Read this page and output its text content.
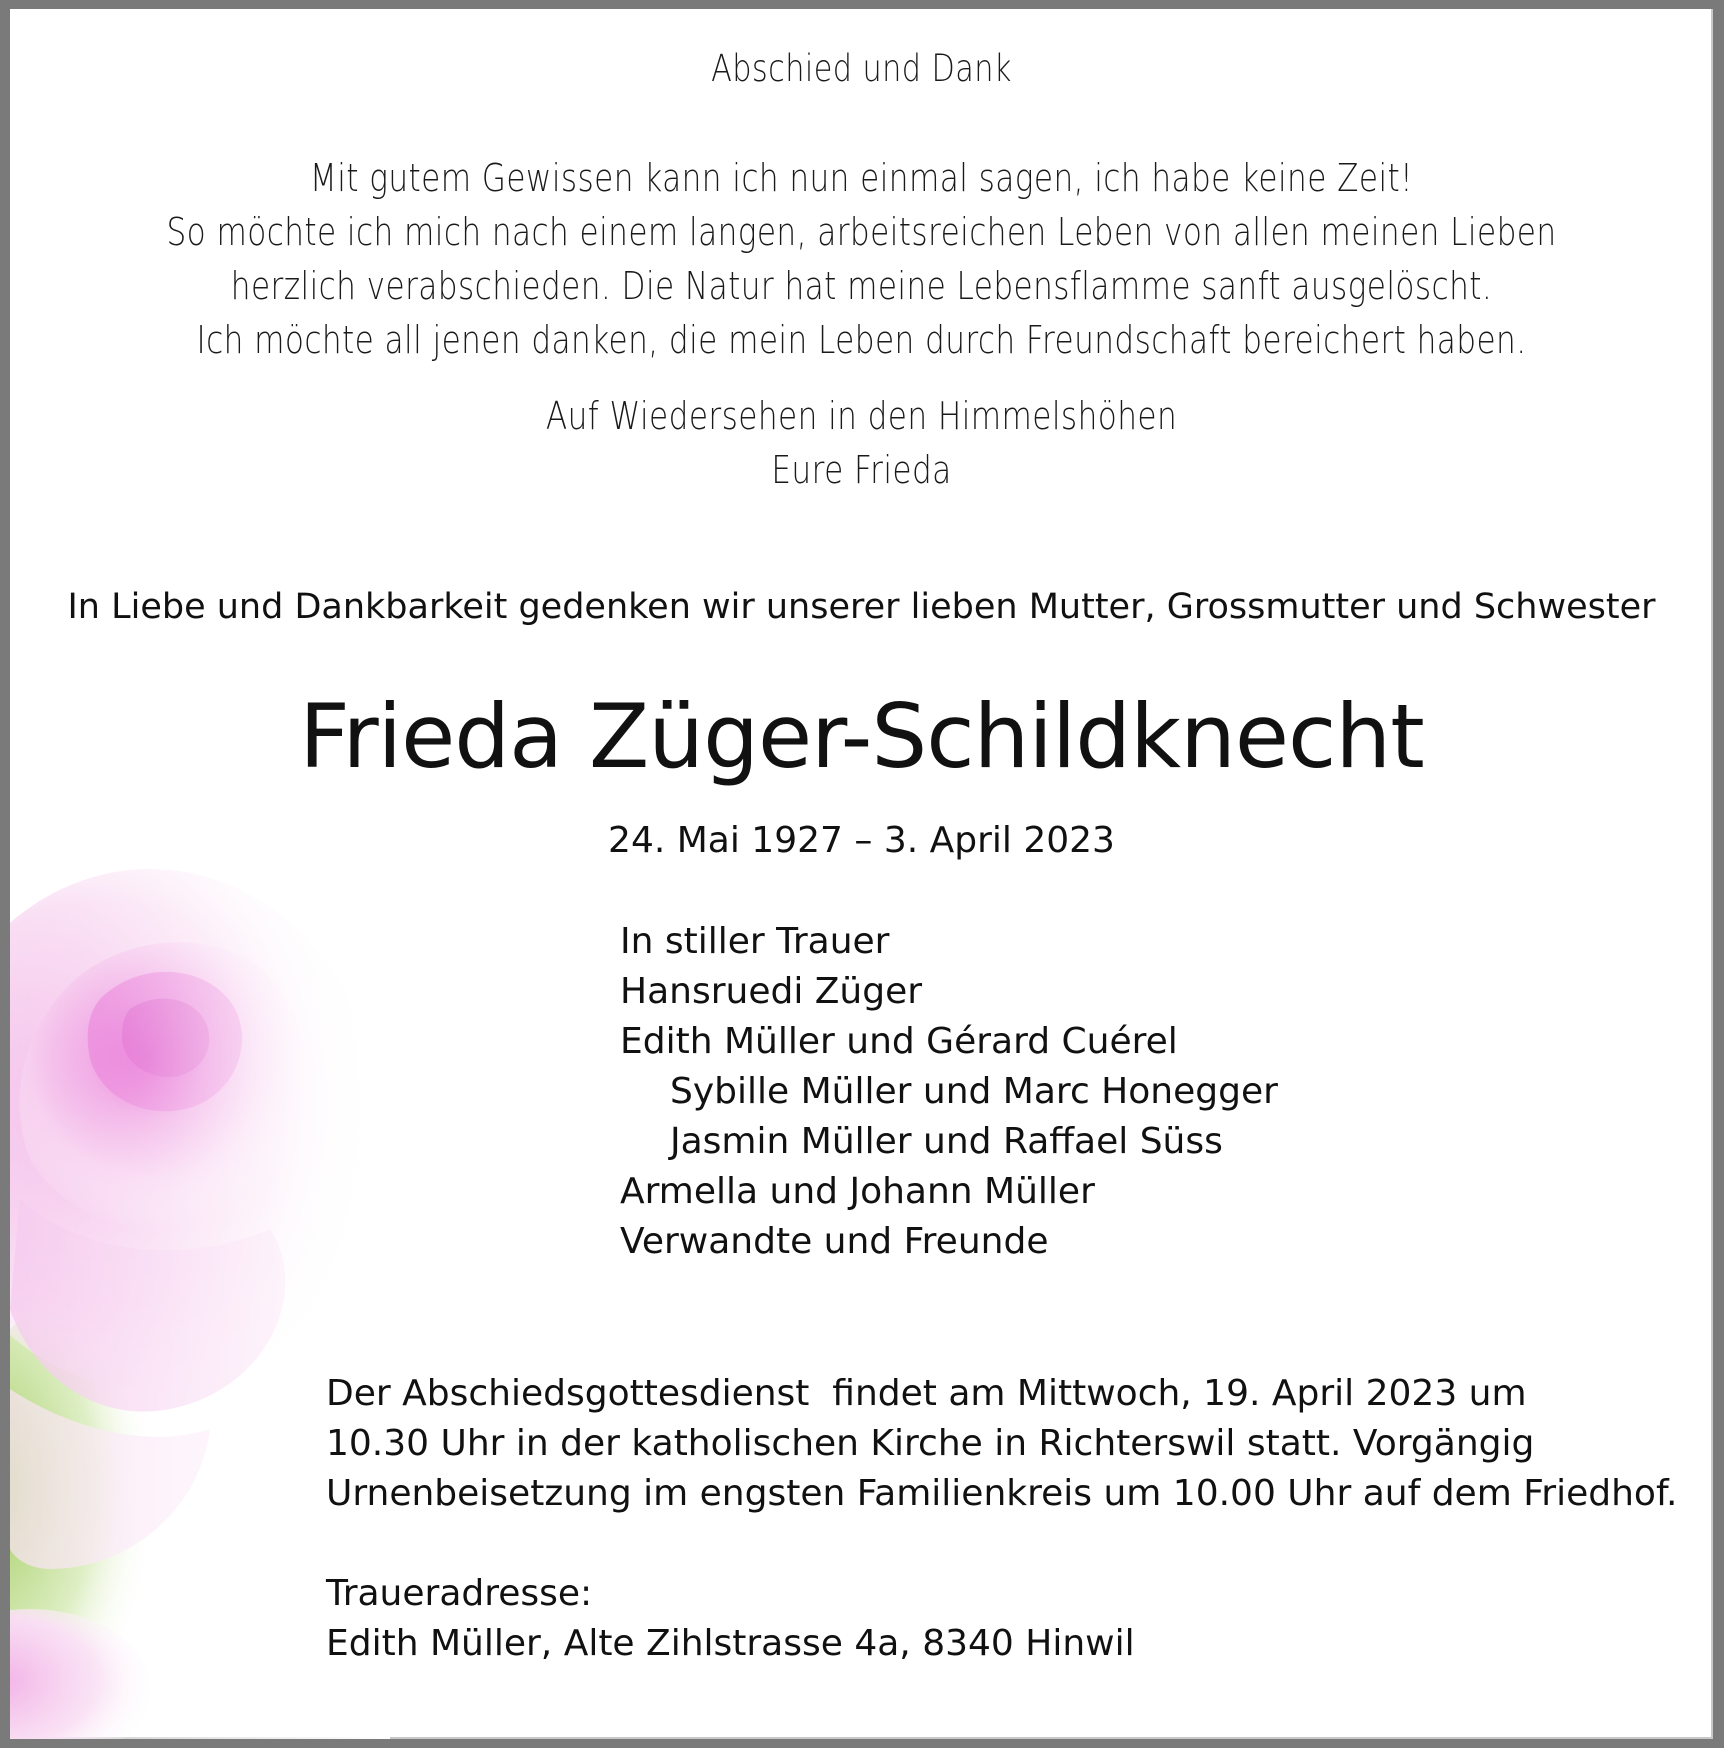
Abschied und Dank
Mit gutem Gewissen kann ich nun einmal sagen, ich habe keine Zeit!
So möchte ich mich nach einem langen, arbeitsreichen Leben von allen meinen Lieben
herzlich verabschieden. Die Natur hat meine Lebensflamme sanft ausgelöscht.
Ich möchte all jenen danken, die mein Leben durch Freundschaft bereichert haben.
Auf Wiedersehen in den Himmelshöhen
Eure Frieda
In Liebe und Dankbarkeit gedenken wir unserer lieben Mutter, Grossmutter und Schwester
Frieda Züger-Schildknecht
24. Mai 1927 – 3. April 2023
In stiller Trauer
Hansruedi Züger
Edith Müller und Gérard Cuérel
Sybille Müller und Marc Honegger
Jasmin Müller und Raffael Süss
Armella und Johann Müller
Verwandte und Freunde
Der Abschiedsgottesdienst  findet am Mittwoch, 19. April 2023 um
10.30 Uhr in der katholischen Kirche in Richterswil statt. Vorgängig
Urnenbeisetzung im engsten Familienkreis um 10.00 Uhr auf dem Friedhof.
Traueradresse:
Edith Müller, Alte Zihlstrasse 4a, 8340 Hinwil
